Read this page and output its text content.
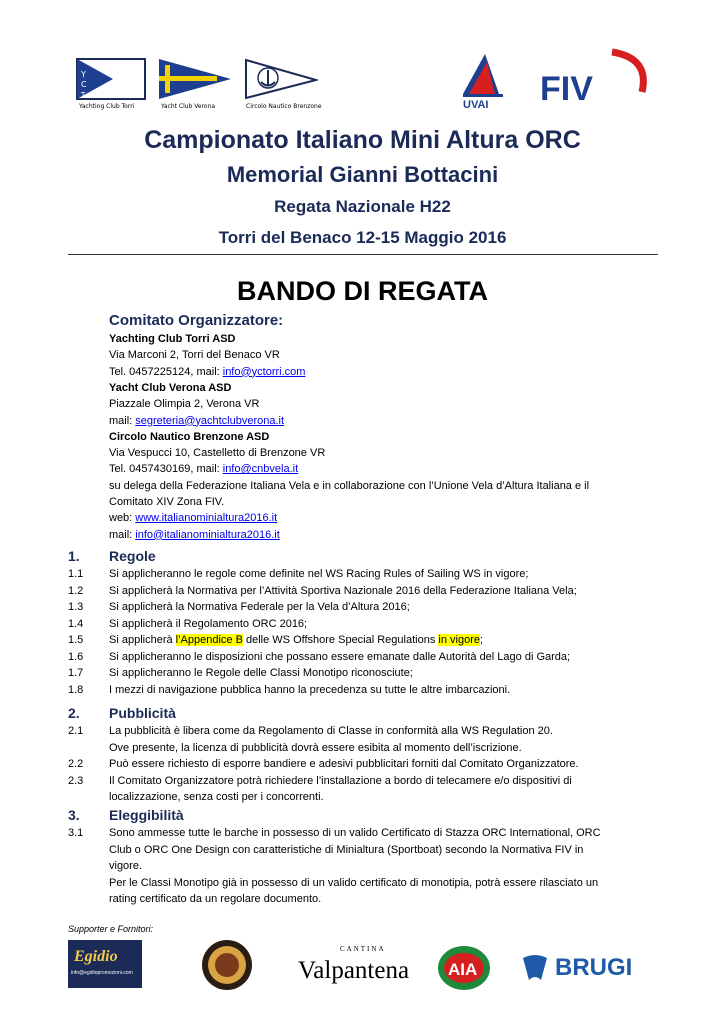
Y
C
T
Yachting Club Torri	Yacht Club Verona	Circolo Nautico Brenzone	UVAI FIV
Campionato Italiano Mini Altura ORC
Memorial Gianni Bottacini
Regata Nazionale H22
Torri del Benaco 12-15 Maggio 2016
BANDO DI REGATA
Comitato Organizzatore:
Yachting Club Torri ASD
Via Marconi 2, Torri del Benaco VR
Tel. 0457225124, mail: info@yctorri.com
Yacht Club Verona ASD
Piazzale Olimpia 2, Verona VR
mail: segreteria@yachtclubverona.it
Circolo Nautico Brenzone ASD
Via Vespucci 10, Castelletto di Brenzone VR
Tel. 0457430169, mail: info@cnbvela.it
su delega della Federazione Italiana Vela e in collaborazione con l’Unione Vela d’Altura Italiana e il
Comitato XIV Zona FIV.
web: www.italianominialtura2016.it
mail: info@italianominialtura2016.it
1. Regole
1.1 Si applicheranno le regole come definite nel WS Racing Rules of Sailing WS in vigore;
1.2 Si applicherà la Normativa per l’Attività Sportiva Nazionale 2016 della Federazione Italiana Vela;
1.3 Si applicherà la Normativa Federale per la Vela d’Altura 2016;
1.4 Si applicherà il Regolamento ORC 2016;
1.5 Si applicherà l’Appendice B delle WS Offshore Special Regulations in vigore;
1.6 Si applicheranno le disposizioni che possano essere emanate dalle Autorità del Lago di Garda;
1.7 Si applicheranno le Regole delle Classi Monotipo riconosciute;
1.8 I mezzi di navigazione pubblica hanno la precedenza su tutte le altre imbarcazioni.
2. Pubblicità
2.1 La pubblicità è libera come da Regolamento di Classe in conformità alla WS Regulation 20.
Ove presente, la licenza di pubblicità dovrà essere esibita al momento dell’iscrizione.
2.2 Può essere richiesto di esporre bandiere e adesivi pubblicitari forniti dal Comitato Organizzatore.
2.3 Il Comitato Organizzatore potrà richiedere l’installazione a bordo di telecamere e/o dispositivi di
localizzazione, senza costi per i concorrenti.
3. Eleggibilità
3.1 Sono ammesse tutte le barche in possesso di un valido Certificato di Stazza ORC International, ORC
Club o ORC One Design con caratteristiche di Minialtura (Sportboat) secondo la Normativa FIV in
vigore.
Per le Classi Monotipo già in possesso di un valido certificato di monotipia, potrà essere rilasciato un
rating certificato da un regolare documento.
Supporter e Fornitori:
Egidio
info@egidiopromozioni.com
CANTINA
Valpantena AIA	BRUGI
